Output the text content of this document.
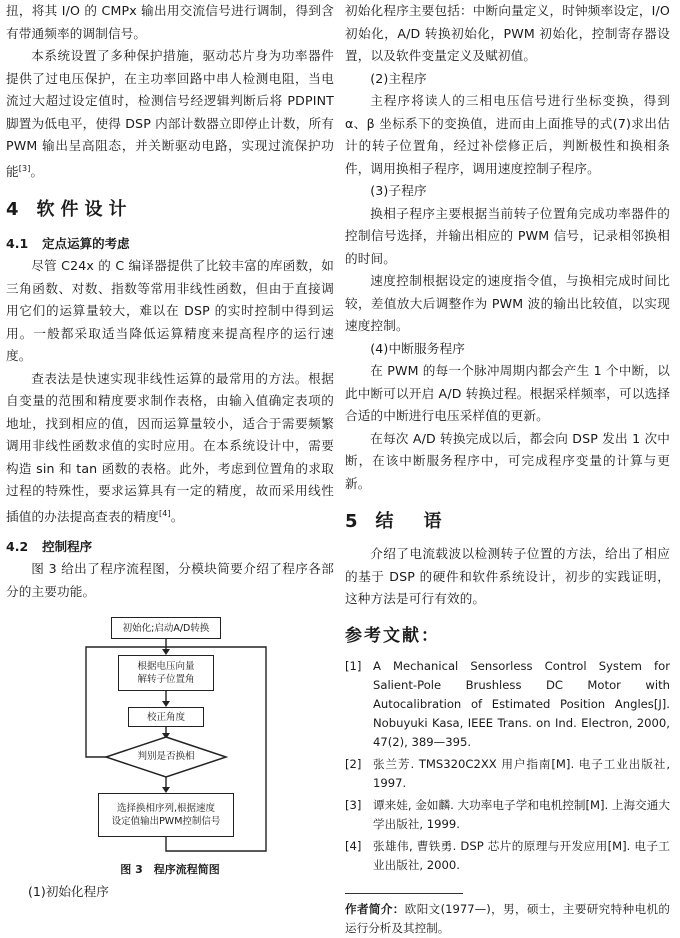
扭，将其 I/O 的 CMPx 输出用交流信号进行调制，得到含有带通频率的调制信号。

本系统设置了多种保护措施，驱动芯片身为功率器件提供了过电压保护，在主功率回路中串人检测电阻，当电流过大超过设定值时，检测信号经逻辑判断后将 PDPINT 脚置为低电平，使得 DSP 内部计数器立即停止计数，所有 PWM 输出呈高阻态，并关断驱动电路，实现过流保护功能[3]。

4 软件设计
4.1 定点运算的考虑

尽管 C24x 的 C 编译器提供了比较丰富的库函数，如三角函数、对数、指数等常用非线性函数，但由于直接调用它们的运算量较大，难以在 DSP 的实时控制中得到运用。一般都采取适当降低运算精度来提高程序的运行速度。

查表法是快速实现非线性运算的最常用的方法。根据自变量的范围和精度要求制作表格，由输入值确定表项的地址，找到相应的值，因而运算量较小，适合于需要频繁调用非线性函数求值的实时应用。在本系统设计中，需要构造 sin 和 tan 函数的表格。此外，考虑到位置角的求取过程的特殊性，要求运算具有一定的精度，故而采用线性插值的办法提高查表的精度[4]。

4.2 控制程序

图 3 给出了程序流程图，分模块简要介绍了程序各部分的主要功能。

初始化;启动A/D转换
根据电压向量
解转子位置角
校正角度
判别是否换相
选择换相序列,根据速度
设定值输出PWM控制信号
图 3　程序流程简图
(1)初始化程序

初始化程序主要包括：中断向量定义，时钟频率设定，I/O 初始化，A/D 转换初始化，PWM 初始化，控制寄存器设置，以及软件变量定义及赋初值。

(2)主程序

主程序将读人的三相电压信号进行坐标变换，得到 α、β 坐标系下的变换值，进而由上面推导的式(7)求出估计的转子位置角，经过补偿修正后，判断极性和换相条件，调用换相子程序，调用速度控制子程序。

(3)子程序

换相子程序主要根据当前转子位置角完成功率器件的控制信号选择，并输出相应的 PWM 信号，记录相邻换相的时间。

速度控制根据设定的速度指令值，与换相完成时间比较，差值放大后调整作为 PWM 波的输出比较值，以实现速度控制。

(4)中断服务程序

在 PWM 的每一个脉冲周期内都会产生 1 个中断，以此中断可以开启 A/D 转换过程。根据采样频率，可以选择合适的中断进行电压采样值的更新。

在每次 A/D 转换完成以后，都会向 DSP 发出 1 次中断，在该中断服务程序中，可完成程序变量的计算与更新。

5 结　语

介绍了电流载波以检测转子位置的方法，给出了相应的基于 DSP 的硬件和软件系统设计，初步的实践证明，这种方法是可行有效的。

参考文献：
[1] A Mechanical Sensorless Control System for Salient-Pole Brushless DC Motor with Autocalibration of Estimated Position Angles[J]. Nobuyuki Kasa, IEEE Trans. on Ind. Electron, 2000, 47(2), 389—395.
[2] 张兰芳. TMS320C2XX 用户指南[M]. 电子工业出版社, 1997.
[3] 谭来娃, 金如麟. 大功率电子学和电机控制[M]. 上海交通大学出版社, 1999.
[4] 张雄伟, 曹铁勇. DSP 芯片的原理与开发应用[M]. 电子工业出版社, 2000.
作者简介：欧阳文(1977—)，男，硕士，主要研究特种电机的运行分析及其控制。
